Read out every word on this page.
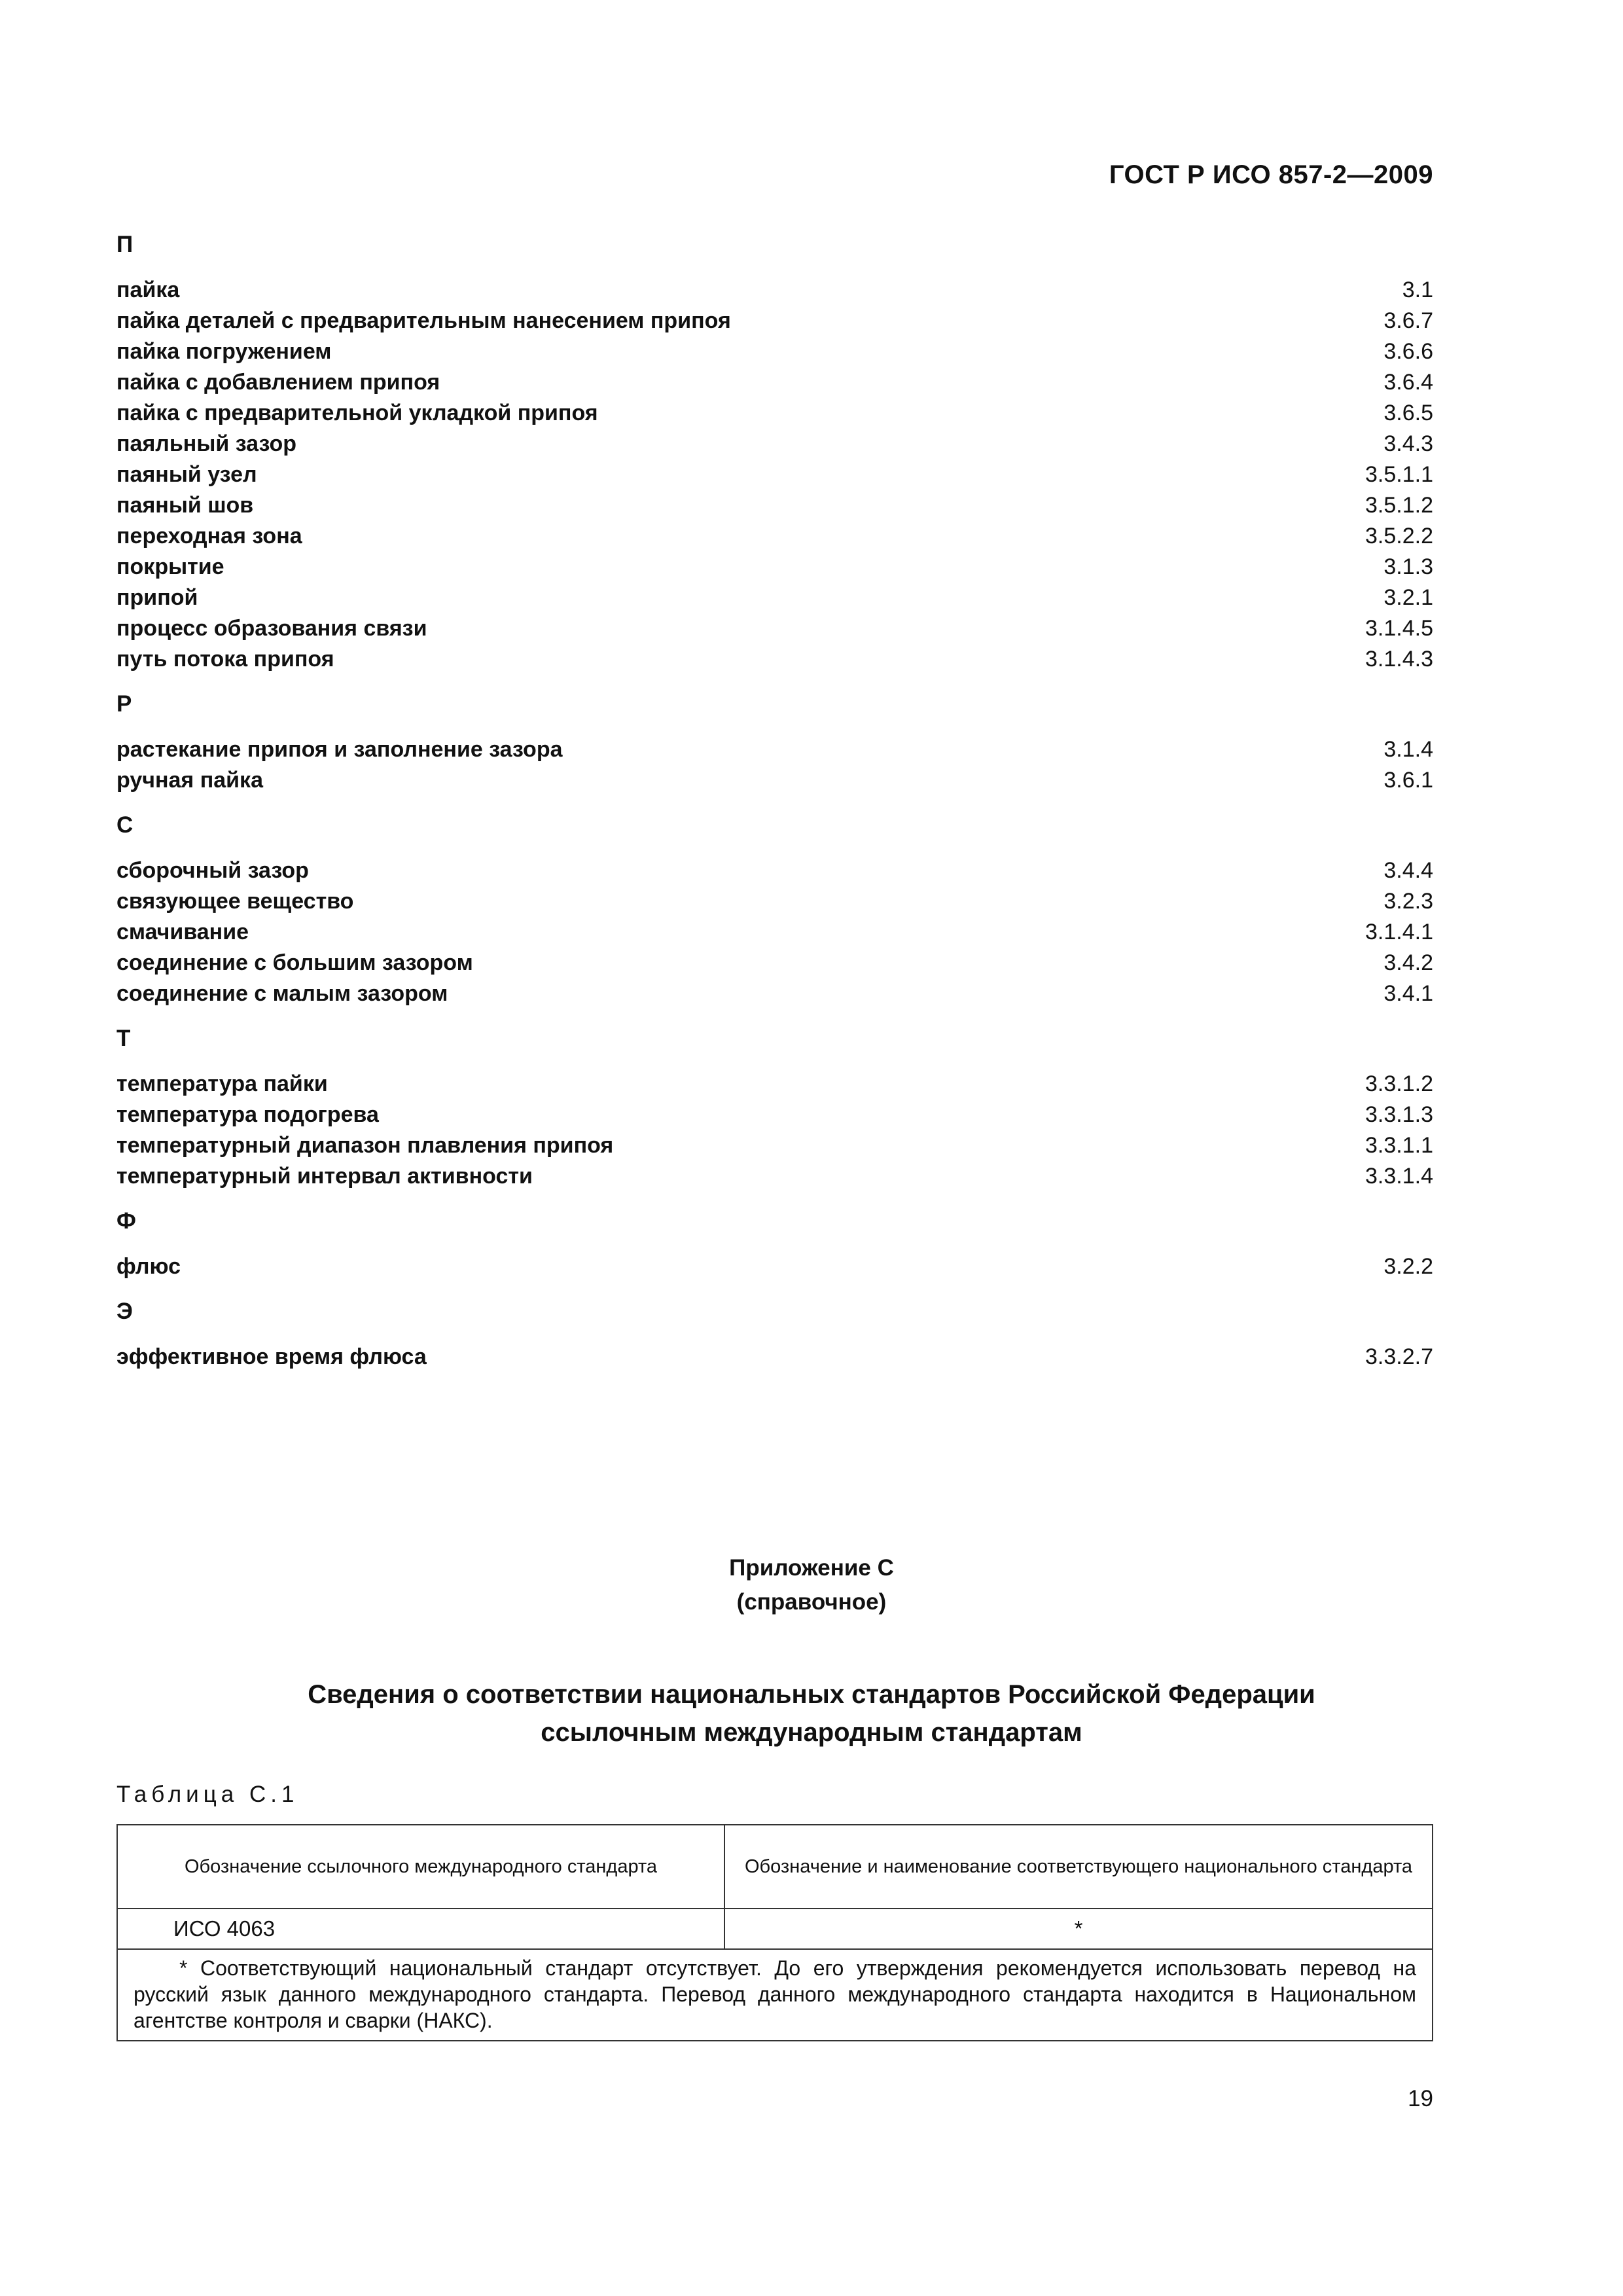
ГОСТ Р ИСО 857-2—2009
П
пайка	3.1
пайка деталей с предварительным нанесением припоя	3.6.7
пайка погружением	3.6.6
пайка с добавлением припоя	3.6.4
пайка с предварительной укладкой припоя	3.6.5
паяльный зазор	3.4.3
паяный узел	3.5.1.1
паяный шов	3.5.1.2
переходная зона	3.5.2.2
покрытие	3.1.3
припой	3.2.1
процесс образования связи	3.1.4.5
путь потока припоя	3.1.4.3
Р
растекание припоя и заполнение зазора	3.1.4
ручная пайка	3.6.1
С
сборочный зазор	3.4.4
связующее вещество	3.2.3
смачивание	3.1.4.1
соединение с большим зазором	3.4.2
соединение с малым зазором	3.4.1
Т
температура пайки	3.3.1.2
температура подогрева	3.3.1.3
температурный диапазон плавления припоя	3.3.1.1
температурный интервал активности	3.3.1.4
Ф
флюс	3.2.2
Э
эффективное время флюса	3.3.2.7
Приложение С
(справочное)
Сведения о соответствии национальных стандартов Российской Федерации
ссылочным международным стандартам
Таблица С.1
Обозначение ссылочного международного стандарта	Обозначение и наименование соответствующего национального стандарта
ИСО 4063	*

* Соответствующий национальный стандарт отсутствует. До его утверждения рекомендуется использовать перевод на русский язык данного международного стандарта. Перевод данного международного стандарта находится в Национальном агентстве контроля и сварки (НАКС).	
19
